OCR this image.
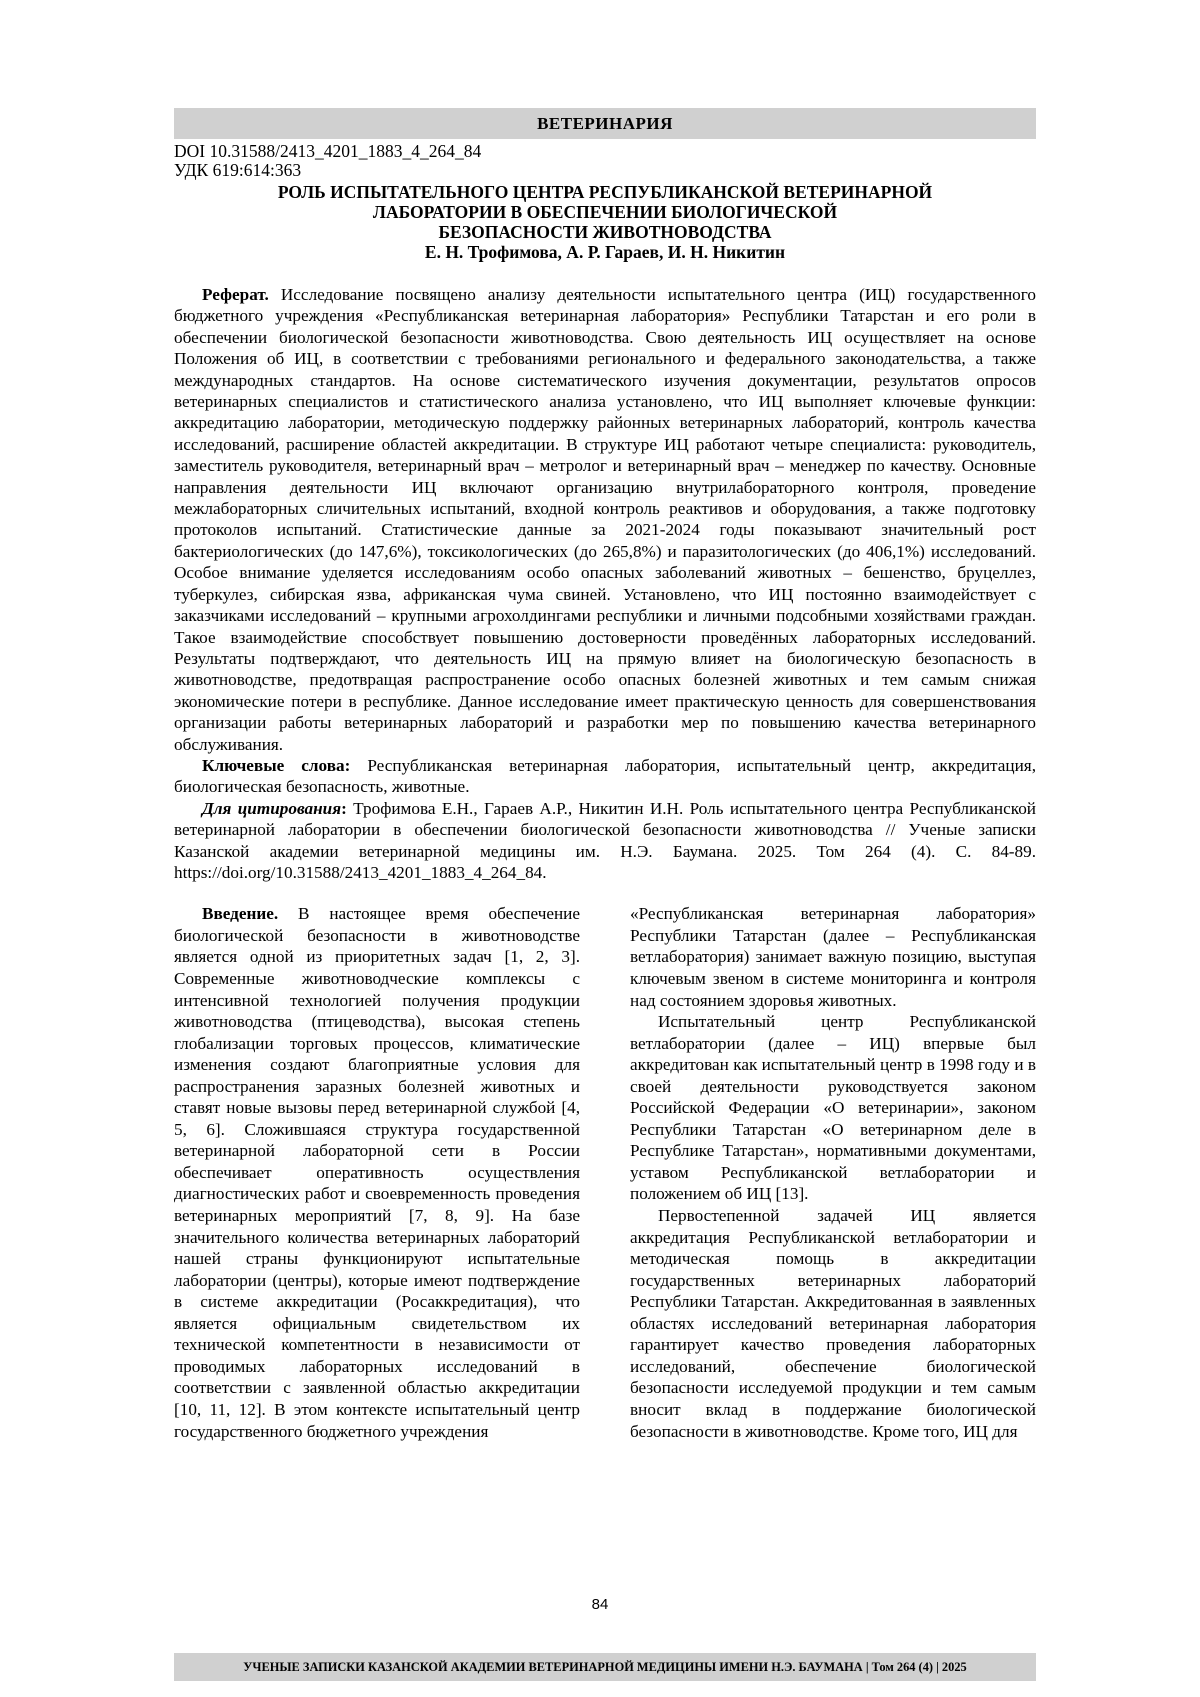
ВЕТЕРИНАРИЯ
DOI 10.31588/2413_4201_1883_4_264_84
УДК 619:614:363
РОЛЬ ИСПЫТАТЕЛЬНОГО ЦЕНТРА РЕСПУБЛИКАНСКОЙ ВЕТЕРИНАРНОЙ
ЛАБОРАТОРИИ В ОБЕСПЕЧЕНИИ БИОЛОГИЧЕСКОЙ
БЕЗОПАСНОСТИ ЖИВОТНОВОДСТВА
Е. Н. Трофимова, А. Р. Гараев, И. Н. Никитин

Реферат. Исследование посвящено анализу деятельности испытательного центра (ИЦ) государственного бюджетного учреждения «Республиканская ветеринарная лаборатория» Республики Татарстан и его роли в обеспечении биологической безопасности животноводства. Свою деятельность ИЦ осуществляет на основе Положения об ИЦ, в соответствии с требованиями регионального и федерального законодательства, а также международных стандартов. На основе систематического изучения документации, результатов опросов ветеринарных специалистов и статистического анализа установлено, что ИЦ выполняет ключевые функции: аккредитацию лаборатории, методическую поддержку районных ветеринарных лабораторий, контроль качества исследований, расширение областей аккредитации. В структуре ИЦ работают четыре специалиста: руководитель, заместитель руководителя, ветеринарный врач – метролог и ветеринарный врач – менеджер по качеству. Основные направления деятельности ИЦ включают организацию внутрилабораторного контроля, проведение межлабораторных сличительных испытаний, входной контроль реактивов и оборудования, а также подготовку протоколов испытаний. Статистические данные за 2021-2024 годы показывают значительный рост бактериологических (до 147,6%), токсикологических (до 265,8%) и паразитологических (до 406,1%) исследований. Особое внимание уделяется исследованиям особо опасных заболеваний животных – бешенство, бруцеллез, туберкулез, сибирская язва, африканская чума свиней. Установлено, что ИЦ постоянно взаимодействует с заказчиками исследований – крупными агрохолдингами республики и личными подсобными хозяйствами граждан. Такое взаимодействие способствует повышению достоверности проведённых лабораторных исследований. Результаты подтверждают, что деятельность ИЦ на прямую влияет на биологическую безопасность в животноводстве, предотвращая распространение особо опасных болезней животных и тем самым снижая экономические потери в республике. Данное исследование имеет практическую ценность для совершенствования организации работы ветеринарных лабораторий и разработки мер по повышению качества ветеринарного обслуживания.

Ключевые слова: Республиканская ветеринарная лаборатория, испытательный центр, аккредитация, биологическая безопасность, животные.

Для цитирования: Трофимова Е.Н., Гараев А.Р., Никитин И.Н. Роль испытательного центра Республиканской ветеринарной лаборатории в обеспечении биологической безопасности животноводства // Учeные записки Казанской академии ветеринарной медицины им. Н.Э. Баумана. 2025. Том 264 (4). С. 84-89. https://doi.org/10.31588/2413_4201_1883_4_264_84.

Введение. В настоящее время обеспечение биологической безопасности в животноводстве является одной из приоритетных задач [1, 2, 3]. Современные животноводческие комплексы с интенсивной технологией получения продукции животноводства (птицеводства), высокая степень глобализации торговых процессов, климатические изменения создают благоприятные условия для распространения заразных болезней животных и ставят новые вызовы перед ветеринарной службой [4, 5, 6]. Сложившаяся структура государственной ветеринарной лабораторной сети в России обеспечивает оперативность осуществления диагностических работ и своевременность проведения ветеринарных мероприятий [7, 8, 9]. На базе значительного количества ветеринарных лабораторий нашей страны функционируют испытательные лаборатории (центры), которые имеют подтверждение в системе аккредитации (Росаккредитация), что является официальным свидетельством их технической компетентности в независимости от проводимых лабораторных исследований в соответствии с заявленной областью аккредитации [10, 11, 12]. В этом контексте испытательный центр государственного бюджетного учреждения

«Республиканская ветеринарная лаборатория» Республики Татарстан (далее – Республиканская ветлаборатория) занимает важную позицию, выступая ключевым звеном в системе мониторинга и контроля над состоянием здоровья животных.

Испытательный центр Республиканской ветлаборатории (далее – ИЦ) впервые был аккредитован как испытательный центр в 1998 году и в своей деятельности руководствуется законом Российской Федерации «О ветеринарии», законом Республики Татарстан «О ветеринарном деле в Республике Татарстан», нормативными документами, уставом Республиканской ветлаборатории и положением об ИЦ [13].

Первостепенной задачей ИЦ является аккредитация Республиканской ветлаборатории и методическая помощь в аккредитации государственных ветеринарных лабораторий Республики Татарстан. Аккредитованная в заявленных областях исследований ветеринарная лаборатория гарантирует качество проведения лабораторных исследований, обеспечение биологической безопасности исследуемой продукции и тем самым вносит вклад в поддержание биологической безопасности в животноводстве. Кроме того, ИЦ для

84
УЧЕНЫЕ ЗАПИСКИ КАЗАНСКОЙ АКАДЕМИИ ВЕТЕРИНАРНОЙ МЕДИЦИНЫ ИМЕНИ Н.Э. БАУМАНА | Том 264 (4) | 2025
